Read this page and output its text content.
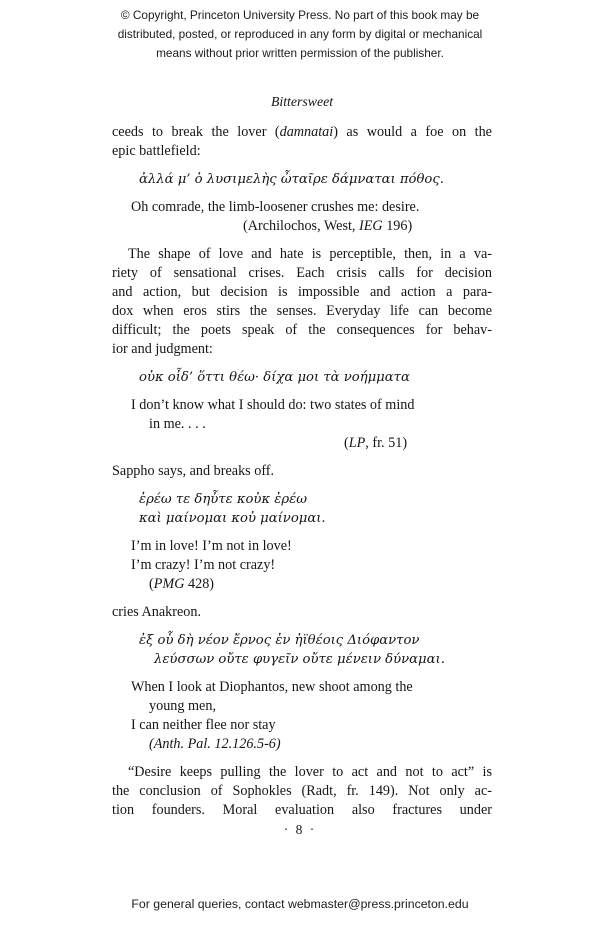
© Copyright, Princeton University Press. No part of this book may be
distributed, posted, or reproduced in any form by digital or mechanical
means without prior written permission of the publisher.
Bittersweet
ceeds to break the lover (damnatai) as would a foe on the
epic battlefield:
ἀλλά μ’ ὁ λυσιμελὴς ὦταῖρε δάμναται πόθος.
Oh comrade, the limb-loosener crushes me: desire.
(Archilochos, West, IEG 196)
The shape of love and hate is perceptible, then, in a va-
riety of sensational crises. Each crisis calls for decision
and action, but decision is impossible and action a para-
dox when eros stirs the senses. Everyday life can become
difficult; the poets speak of the consequences for behav-
ior and judgment:
οὐκ οἶδ’ ὅττι θέω· δίχα μοι τὰ νοήμματα
I don’t know what I should do: two states of mind
in me. . . .
(LP, fr. 51)
Sappho says, and breaks off.
ἐρέω τε δηὖτε κοὐκ ἐρέω
καὶ μαίνομαι κοὐ μαίνομαι.
I’m in love! I’m not in love!
I’m crazy! I’m not crazy!
(PMG 428)
cries Anakreon.
ἐξ οὗ δὴ νέον ἔρνος ἐν ἠϊθέοις Διόφαντον
λεύσσων οὔτε φυγεῖν οὔτε μένειν δύναμαι.
When I look at Diophantos, new shoot among the
young men,
I can neither flee nor stay
(Anth. Pal. 12.126.5-6)
“Desire keeps pulling the lover to act and not to act” is
the conclusion of Sophokles (Radt, fr. 149). Not only ac-
tion founders. Moral evaluation also fractures under
· 8 ·
For general queries, contact webmaster@press.princeton.edu
